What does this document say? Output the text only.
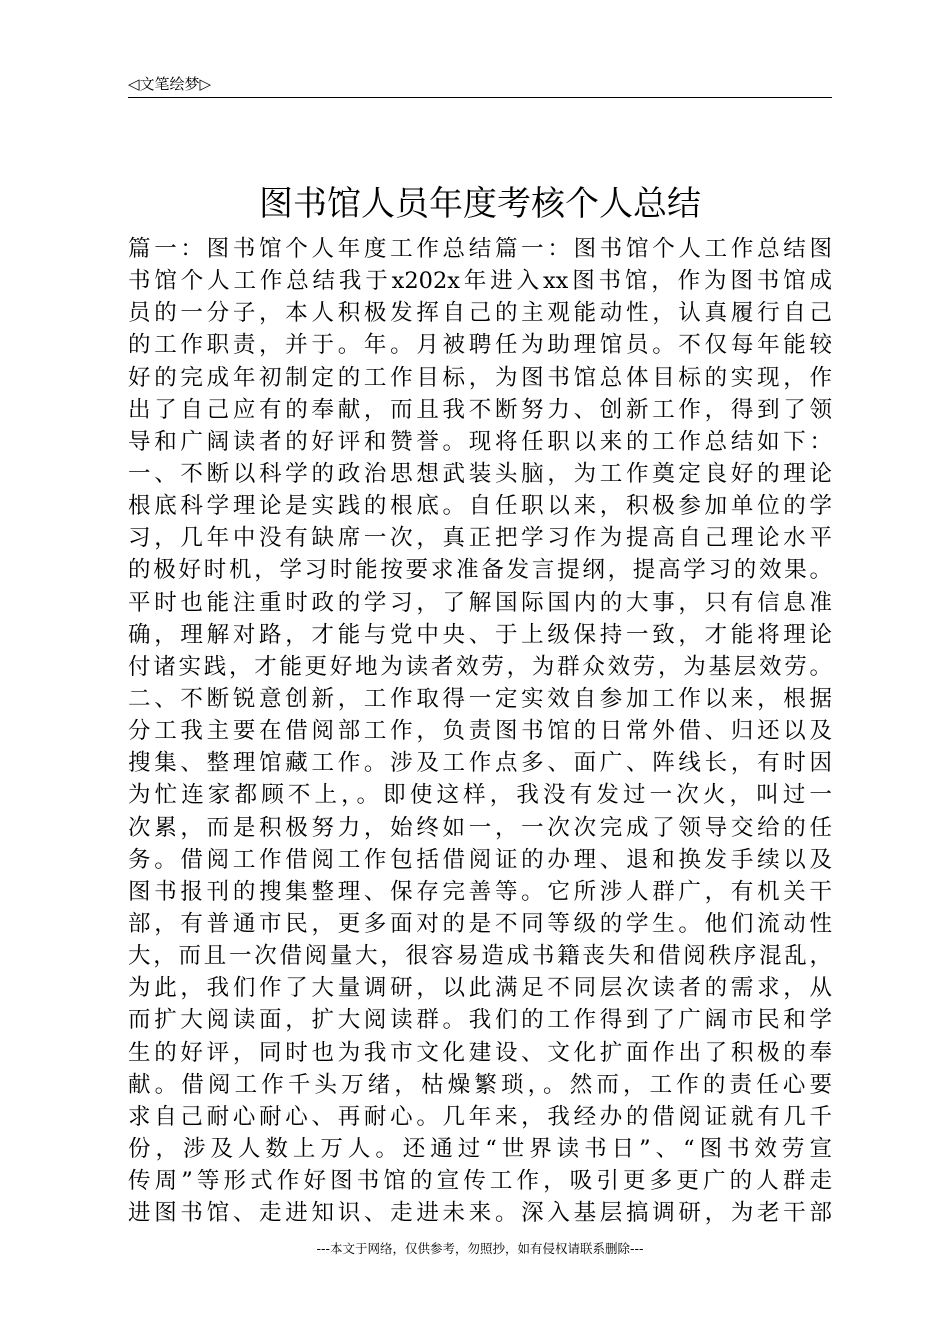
◁文笔绘梦▷
图书馆人员年度考核个人总结
篇一：图书馆个人年度工作总结篇一：图书馆个人工作总结图
书馆个人工作总结我于x202x年进入xx图书馆，作为图书馆成
员的一分子，本人积极发挥自己的主观能动性，认真履行自己
的工作职责，并于。年。月被聘任为助理馆员。不仅每年能较
好的完成年初制定的工作目标，为图书馆总体目标的实现，作
出了自己应有的奉献，而且我不断努力、创新工作，得到了领
导和广阔读者的好评和赞誉。现将任职以来的工作总结如下：
一、不断以科学的政治思想武装头脑，为工作奠定良好的理论
根底科学理论是实践的根底。自任职以来，积极参加单位的学
习，几年中没有缺席一次，真正把学习作为提高自己理论水平
的极好时机，学习时能按要求准备发言提纲，提高学习的效果。
平时也能注重时政的学习，了解国际国内的大事，只有信息准
确，理解对路，才能与党中央、于上级保持一致，才能将理论
付诸实践，才能更好地为读者效劳，为群众效劳，为基层效劳。
二、不断锐意创新，工作取得一定实效自参加工作以来，根据
分工我主要在借阅部工作，负责图书馆的日常外借、归还以及
搜集、整理馆藏工作。涉及工作点多、面广、阵线长，有时因
为忙连家都顾不上，。即使这样，我没有发过一次火，叫过一
次累，而是积极努力，始终如一，一次次完成了领导交给的任
务。借阅工作借阅工作包括借阅证的办理、退和换发手续以及
图书报刊的搜集整理、保存完善等。它所涉人群广，有机关干
部，有普通市民，更多面对的是不同等级的学生。他们流动性
大，而且一次借阅量大，很容易造成书籍丧失和借阅秩序混乱，
为此，我们作了大量调研，以此满足不同层次读者的需求，从
而扩大阅读面，扩大阅读群。我们的工作得到了广阔市民和学
生的好评，同时也为我市文化建设、文化扩面作出了积极的奉
献。借阅工作千头万绪，枯燥繁琐，。然而，工作的责任心要
求自己耐心耐心、再耐心。几年来，我经办的借阅证就有几千
份，涉及人数上万人。还通过“世界读书日”、“图书效劳宣
传周”等形式作好图书馆的宣传工作，吸引更多更广的人群走
进图书馆、走进知识、走进未来。深入基层搞调研，为老干部
---本文于网络，仅供参考，勿照抄，如有侵权请联系删除---
